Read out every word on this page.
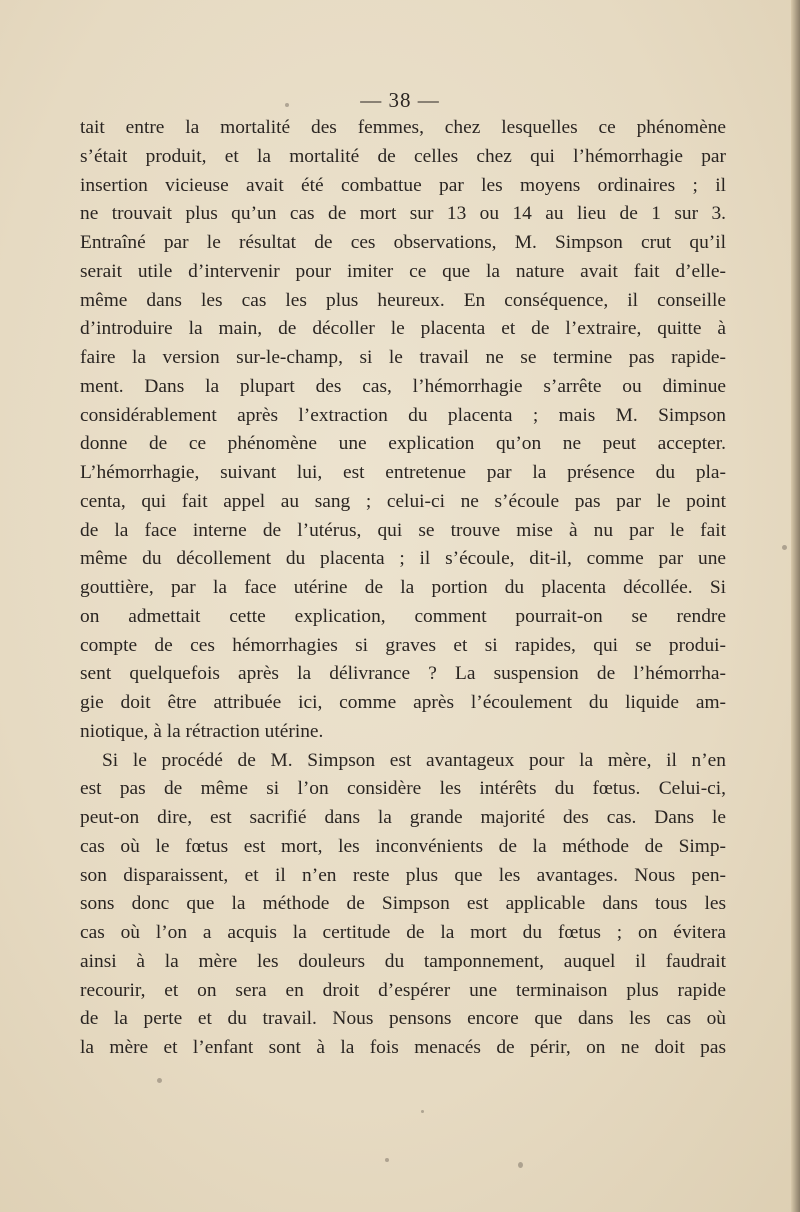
— 38 —
tait entre la mortalité des femmes, chez lesquelles ce phénomène
s’était produit, et la mortalité de celles chez qui l’hémorrhagie par
insertion vicieuse avait été combattue par les moyens ordinaires ; il
ne trouvait plus qu’un cas de mort sur 13 ou 14 au lieu de 1 sur 3.
Entraîné par le résultat de ces observations, M. Simpson crut qu’il
serait utile d’intervenir pour imiter ce que la nature avait fait d’elle-
même dans les cas les plus heureux. En conséquence, il conseille
d’introduire la main, de décoller le placenta et de l’extraire, quitte à
faire la version sur-le-champ, si le travail ne se termine pas rapide-
ment. Dans la plupart des cas, l’hémorrhagie s’arrête ou diminue
considérablement après l’extraction du placenta ; mais M. Simpson
donne de ce phénomène une explication qu’on ne peut accepter.
L’hémorrhagie, suivant lui, est entretenue par la présence du pla-
centa, qui fait appel au sang ; celui-ci ne s’écoule pas par le point
de la face interne de l’utérus, qui se trouve mise à nu par le fait
même du décollement du placenta ; il s’écoule, dit-il, comme par une
gouttière, par la face utérine de la portion du placenta décollée. Si
on admettait cette explication, comment pourrait-on se rendre
compte de ces hémorrhagies si graves et si rapides, qui se produi-
sent quelquefois après la délivrance ? La suspension de l’hémorrha-
gie doit être attribuée ici, comme après l’écoulement du liquide am-
niotique, à la rétraction utérine.
Si le procédé de M. Simpson est avantageux pour la mère, il n’en
est pas de même si l’on considère les intérêts du fœtus. Celui-ci,
peut-on dire, est sacrifié dans la grande majorité des cas. Dans le
cas où le fœtus est mort, les inconvénients de la méthode de Simp-
son disparaissent, et il n’en reste plus que les avantages. Nous pen-
sons donc que la méthode de Simpson est applicable dans tous les
cas où l’on a acquis la certitude de la mort du fœtus ; on évitera
ainsi à la mère les douleurs du tamponnement, auquel il faudrait
recourir, et on sera en droit d’espérer une terminaison plus rapide
de la perte et du travail. Nous pensons encore que dans les cas où
la mère et l’enfant sont à la fois menacés de périr, on ne doit pas
